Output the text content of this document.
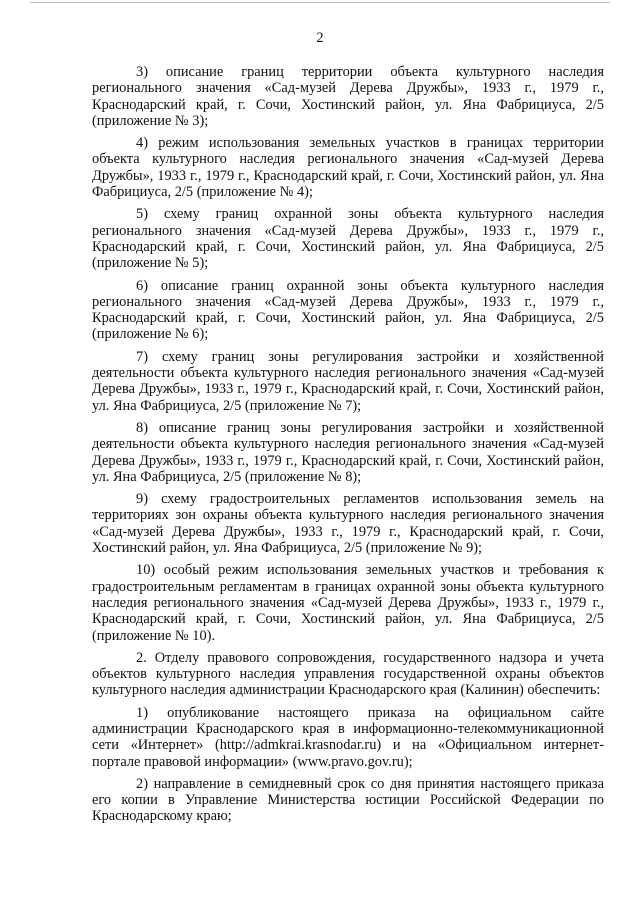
2

3) описание границ территории объекта культурного наследия регионального значения «Сад-музей Дерева Дружбы», 1933 г., 1979 г., Краснодарский край, г. Сочи, Хостинский район, ул. Яна Фабрициуса, 2/5 (приложение № 3);

4) режим использования земельных участков в границах территории объекта культурного наследия регионального значения «Сад-музей Дерева Дружбы», 1933 г., 1979 г., Краснодарский край, г. Сочи, Хостинский район, ул. Яна Фабрициуса, 2/5 (приложение № 4);

5) схему границ охранной зоны объекта культурного наследия регионального значения «Сад-музей Дерева Дружбы», 1933 г., 1979 г., Краснодарский край, г. Сочи, Хостинский район, ул. Яна Фабрициуса, 2/5 (приложение № 5);

6) описание границ охранной зоны объекта культурного наследия регионального значения «Сад-музей Дерева Дружбы», 1933 г., 1979 г., Краснодарский край, г. Сочи, Хостинский район, ул. Яна Фабрициуса, 2/5 (приложение № 6);

7) схему границ зоны регулирования застройки и хозяйственной деятельности объекта культурного наследия регионального значения «Сад-музей Дерева Дружбы», 1933 г., 1979 г., Краснодарский край, г. Сочи, Хостинский район, ул. Яна Фабрициуса, 2/5 (приложение № 7);

8) описание границ зоны регулирования застройки и хозяйственной деятельности объекта культурного наследия регионального значения «Сад-музей Дерева Дружбы», 1933 г., 1979 г., Краснодарский край, г. Сочи, Хостинский район, ул. Яна Фабрициуса, 2/5 (приложение № 8);

9) схему градостроительных регламентов использования земель на территориях зон охраны объекта культурного наследия регионального значения «Сад-музей Дерева Дружбы», 1933 г., 1979 г., Краснодарский край, г. Сочи, Хостинский район, ул. Яна Фабрициуса, 2/5 (приложение № 9);

10) особый режим использования земельных участков и требования к градостроительным регламентам в границах охранной зоны объекта культурного наследия регионального значения «Сад-музей Дерева Дружбы», 1933 г., 1979 г., Краснодарский край, г. Сочи, Хостинский район, ул. Яна Фабрициуса, 2/5 (приложение № 10).

2. Отделу правового сопровождения, государственного надзора и учета объектов культурного наследия управления государственной охраны объектов культурного наследия администрации Краснодарского края (Калинин) обеспечить:

1) опубликование настоящего приказа на официальном сайте администрации Краснодарского края в информационно-телекоммуникационной сети «Интернет» (http://admkrai.krasnodar.ru) и на «Официальном интернет-портале правовой информации» (www.pravo.gov.ru);

2) направление в семидневный срок со дня принятия настоящего приказа его копии в Управление Министерства юстиции Российской Федерации по Краснодарскому краю;
